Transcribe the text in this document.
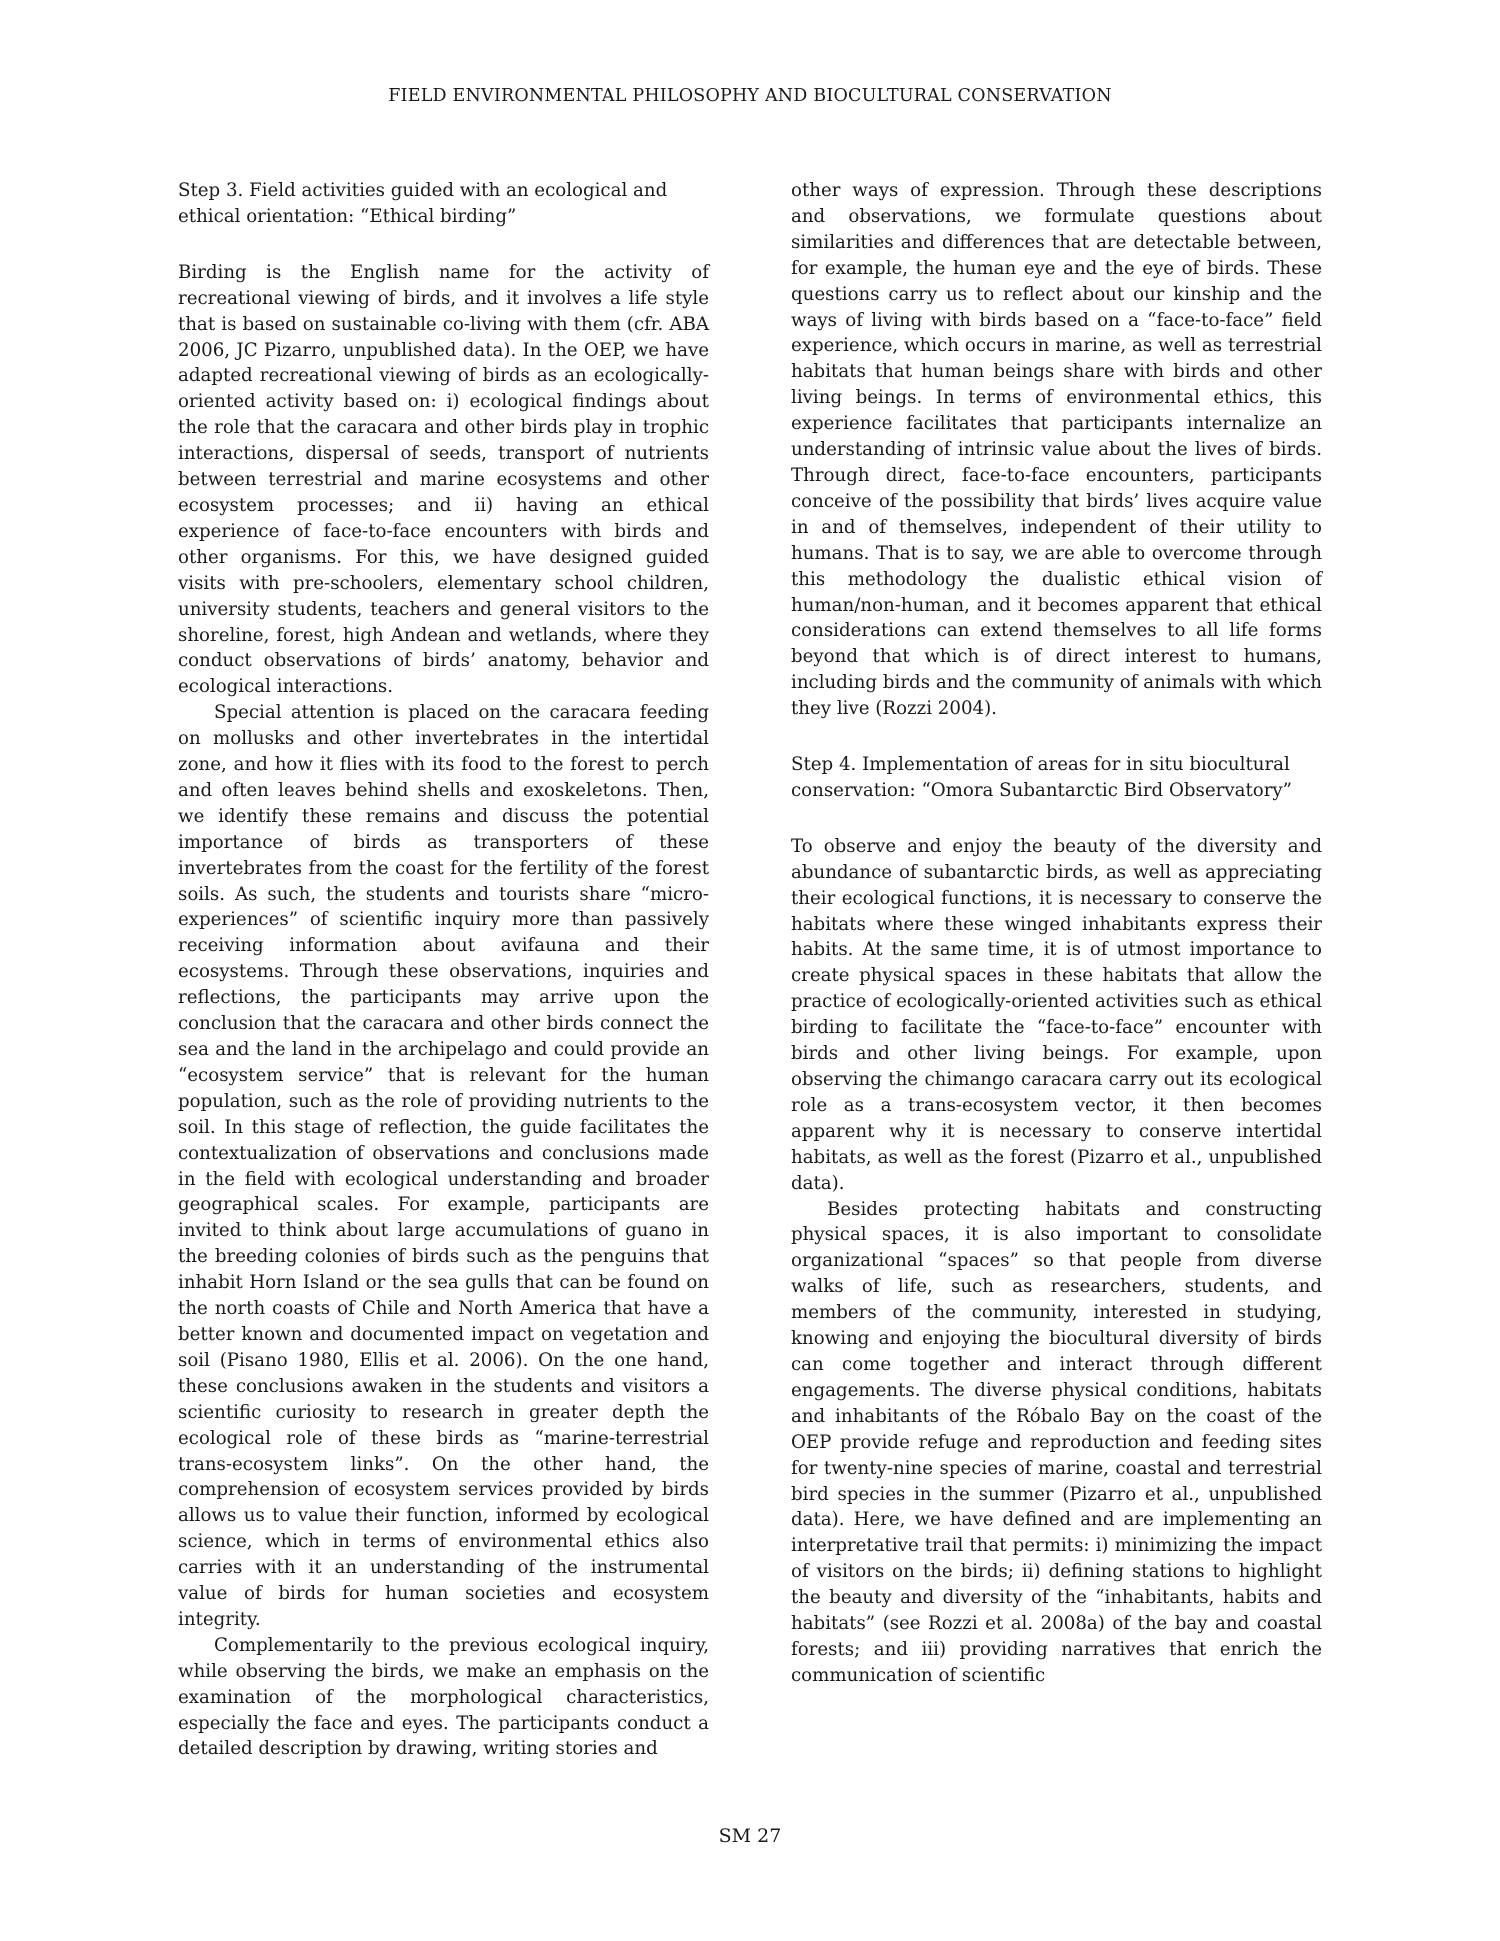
FIELD ENVIRONMENTAL PHILOSOPHY AND BIOCULTURAL CONSERVATION

Step 3. Field activities guided with an ecological and ethical orientation: “Ethical birding”

Birding is the English name for the activity of recreational viewing of birds, and it involves a life style that is based on sustainable co-living with them (cfr. ABA 2006, JC Pizarro, unpublished data). In the OEP, we have adapted recreational viewing of birds as an ecologically-oriented activity based on: i) ecological findings about the role that the caracara and other birds play in trophic interactions, dispersal of seeds, transport of nutrients between terrestrial and marine ecosystems and other ecosystem processes; and ii) having an ethical experience of face-to-face encounters with birds and other organisms. For this, we have designed guided visits with pre-schoolers, elementary school children, university students, teachers and general visitors to the shoreline, forest, high Andean and wetlands, where they conduct observations of birds’ anatomy, behavior and ecological interactions.

Special attention is placed on the caracara feeding on mollusks and other invertebrates in the intertidal zone, and how it flies with its food to the forest to perch and often leaves behind shells and exoskeletons. Then, we identify these remains and discuss the potential importance of birds as transporters of these invertebrates from the coast for the fertility of the forest soils. As such, the students and tourists share “micro-experiences” of scientific inquiry more than passively receiving information about avifauna and their ecosystems. Through these observations, inquiries and reflections, the participants may arrive upon the conclusion that the caracara and other birds connect the sea and the land in the archipelago and could provide an “ecosystem service” that is relevant for the human population, such as the role of providing nutrients to the soil. In this stage of reflection, the guide facilitates the contextualization of observations and conclusions made in the field with ecological understanding and broader geographical scales. For example, participants are invited to think about large accumulations of guano in the breeding colonies of birds such as the penguins that inhabit Horn Island or the sea gulls that can be found on the north coasts of Chile and North America that have a better known and documented impact on vegetation and soil (Pisano 1980, Ellis et al. 2006). On the one hand, these conclusions awaken in the students and visitors a scientific curiosity to research in greater depth the ecological role of these birds as “marine-terrestrial trans-ecosystem links”. On the other hand, the comprehension of ecosystem services provided by birds allows us to value their function, informed by ecological science, which in terms of environmental ethics also carries with it an understanding of the instrumental value of birds for human societies and ecosystem integrity.

Complementarily to the previous ecological inquiry, while observing the birds, we make an emphasis on the examination of the morphological characteristics, especially the face and eyes. The participants conduct a detailed description by drawing, writing stories and

other ways of expression. Through these descriptions and observations, we formulate questions about similarities and differences that are detectable between, for example, the human eye and the eye of birds. These questions carry us to reflect about our kinship and the ways of living with birds based on a “face-to-face” field experience, which occurs in marine, as well as terrestrial habitats that human beings share with birds and other living beings. In terms of environmental ethics, this experience facilitates that participants internalize an understanding of intrinsic value about the lives of birds. Through direct, face-to-face encounters, participants conceive of the possibility that birds’ lives acquire value in and of themselves, independent of their utility to humans. That is to say, we are able to overcome through this methodology the dualistic ethical vision of human/non-human, and it becomes apparent that ethical considerations can extend themselves to all life forms beyond that which is of direct interest to humans, including birds and the community of animals with which they live (Rozzi 2004).

Step 4. Implementation of areas for in situ biocultural conservation: “Omora Subantarctic Bird Observatory”

To observe and enjoy the beauty of the diversity and abundance of subantarctic birds, as well as appreciating their ecological functions, it is necessary to conserve the habitats where these winged inhabitants express their habits. At the same time, it is of utmost importance to create physical spaces in these habitats that allow the practice of ecologically-oriented activities such as ethical birding to facilitate the “face-to-face” encounter with birds and other living beings. For example, upon observing the chimango caracara carry out its ecological role as a trans-ecosystem vector, it then becomes apparent why it is necessary to conserve intertidal habitats, as well as the forest (Pizarro et al., unpublished data).

Besides protecting habitats and constructing physical spaces, it is also important to consolidate organizational “spaces” so that people from diverse walks of life, such as researchers, students, and members of the community, interested in studying, knowing and enjoying the biocultural diversity of birds can come together and interact through different engagements. The diverse physical conditions, habitats and inhabitants of the Róbalo Bay on the coast of the OEP provide refuge and reproduction and feeding sites for twenty-nine species of marine, coastal and terrestrial bird species in the summer (Pizarro et al., unpublished data). Here, we have defined and are implementing an interpretative trail that permits: i) minimizing the impact of visitors on the birds; ii) defining stations to highlight the beauty and diversity of the “inhabitants, habits and habitats” (see Rozzi et al. 2008a) of the bay and coastal forests; and iii) providing narratives that enrich the communication of scientific

SM 27
